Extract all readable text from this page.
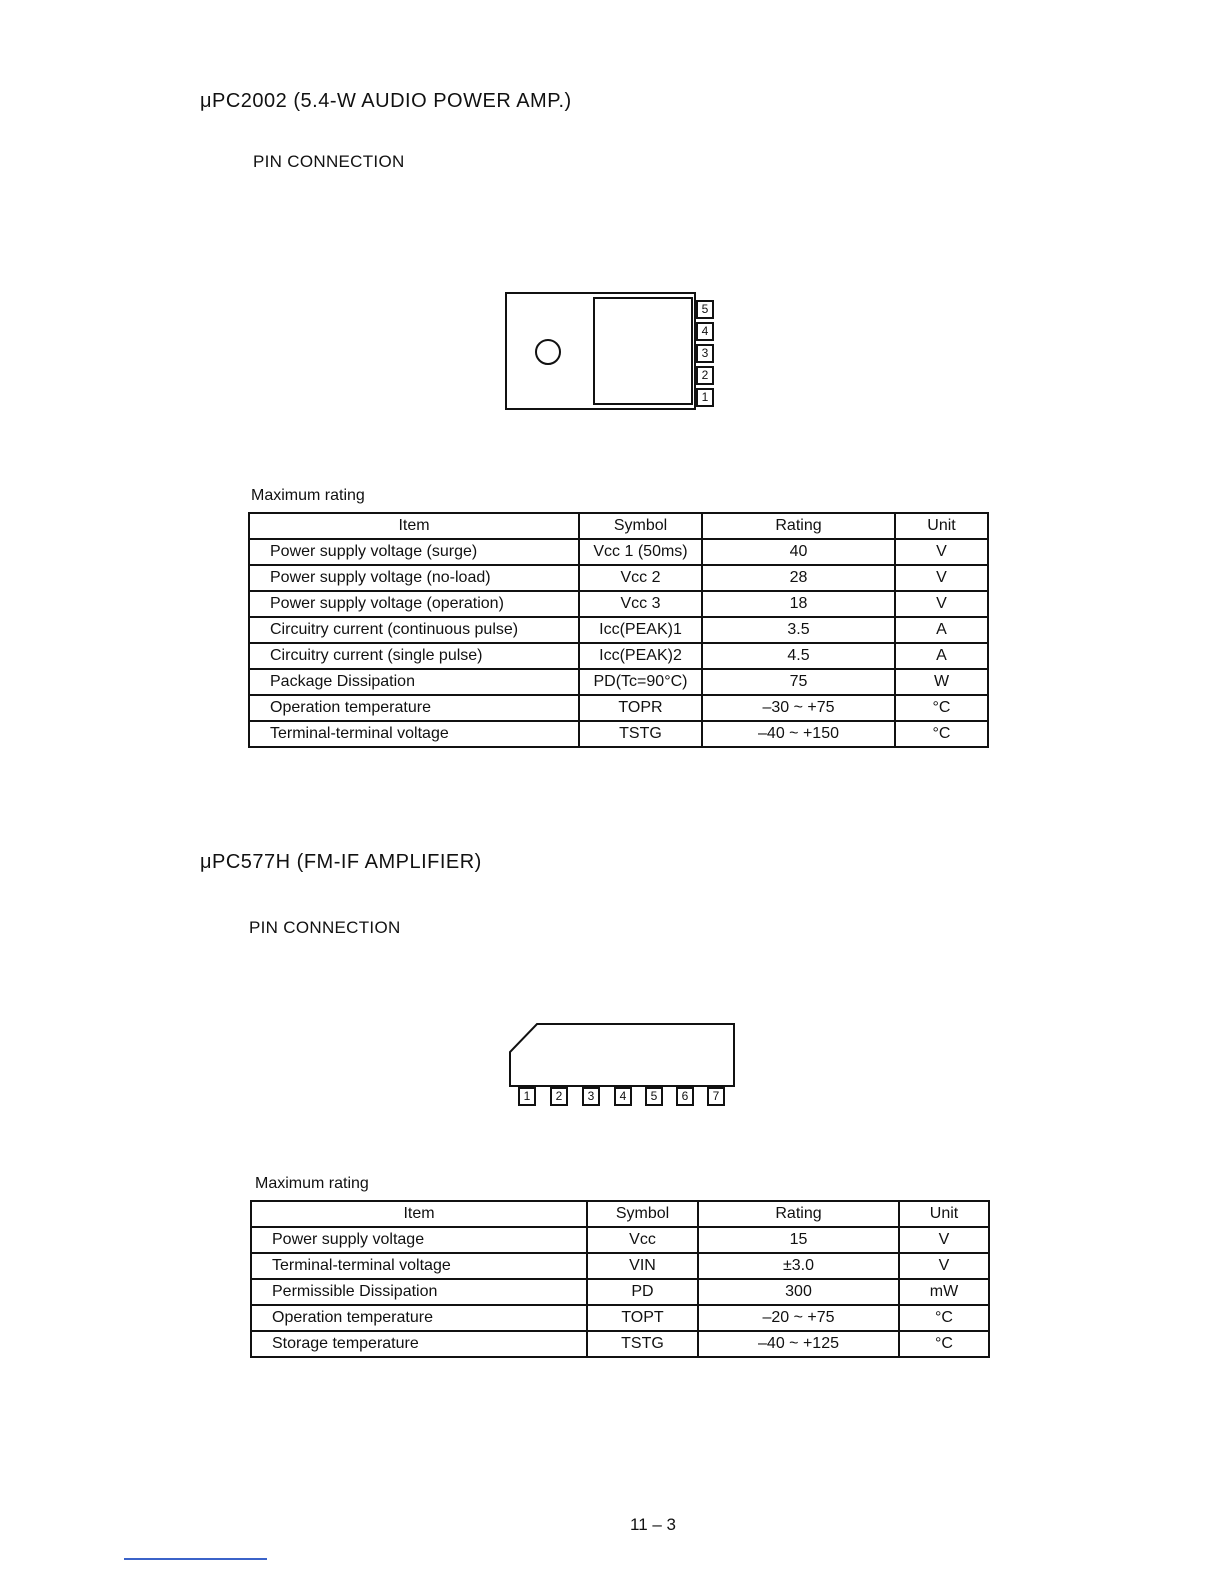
μPC2002 (5.4-W AUDIO POWER AMP.)
PIN CONNECTION
5
4
3
2
1
Maximum rating
Item	Symbol	Rating	Unit
Power supply voltage (surge)	Vcc 1 (50ms)	40	V
Power supply voltage (no-load)	Vcc 2	28	V
Power supply voltage (operation)	Vcc 3	18	V
Circuitry current (continuous pulse)	Icc(PEAK)1	3.5	A
Circuitry current (single pulse)	Icc(PEAK)2	4.5	A
Package Dissipation	PD(Tc=90°C)	75	W
Operation temperature	TOPR	–30 ~ +75	°C
Terminal-terminal voltage	TSTG	–40 ~ +150	°C
μPC577H (FM-IF AMPLIFIER)
PIN CONNECTION
1	2	3	4	5	6	7
Maximum rating
Item	Symbol	Rating	Unit
Power supply voltage	Vcc	15	V
Terminal-terminal voltage	VIN	±3.0	V
Permissible Dissipation	PD	300	mW
Operation temperature	TOPT	–20 ~ +75	°C
Storage temperature	TSTG	–40 ~ +125	°C
11 – 3
